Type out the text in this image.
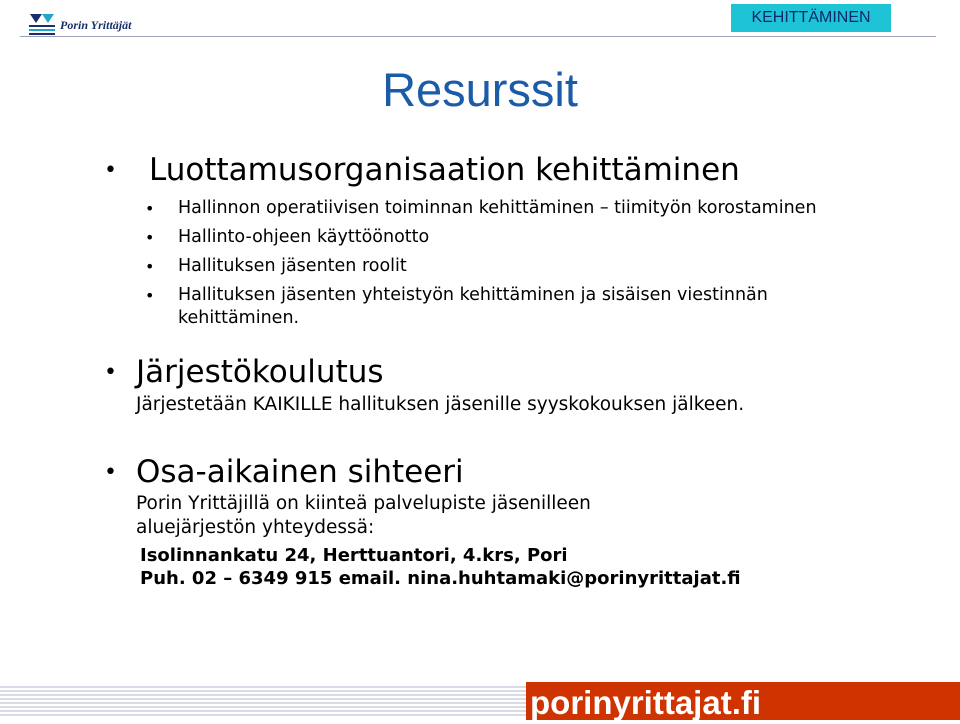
Porin Yrittäjät	KEHITTÄMINEN
Resurssit
• Luottamusorganisaation kehittäminen
• Hallinnon operatiivisen toiminnan kehittäminen – tiimityön korostaminen
• Hallinto-ohjeen käyttöönotto
• Hallituksen jäsenten roolit
• Hallituksen jäsenten yhteistyön kehittäminen ja sisäisen viestinnän
kehittäminen.
• Järjestökoulutus
Järjestetään KAIKILLE hallituksen jäsenille syyskokouksen jälkeen.
• Osa-aikainen sihteeri
Porin Yrittäjillä on kiinteä palvelupiste jäsenilleen
aluejärjestön yhteydessä:
Isolinnankatu 24, Herttuantori, 4.krs, Pori
Puh. 02 – 6349 915 email. nina.huhtamaki@porinyrittajat.fi
porinyrittajat.fi
